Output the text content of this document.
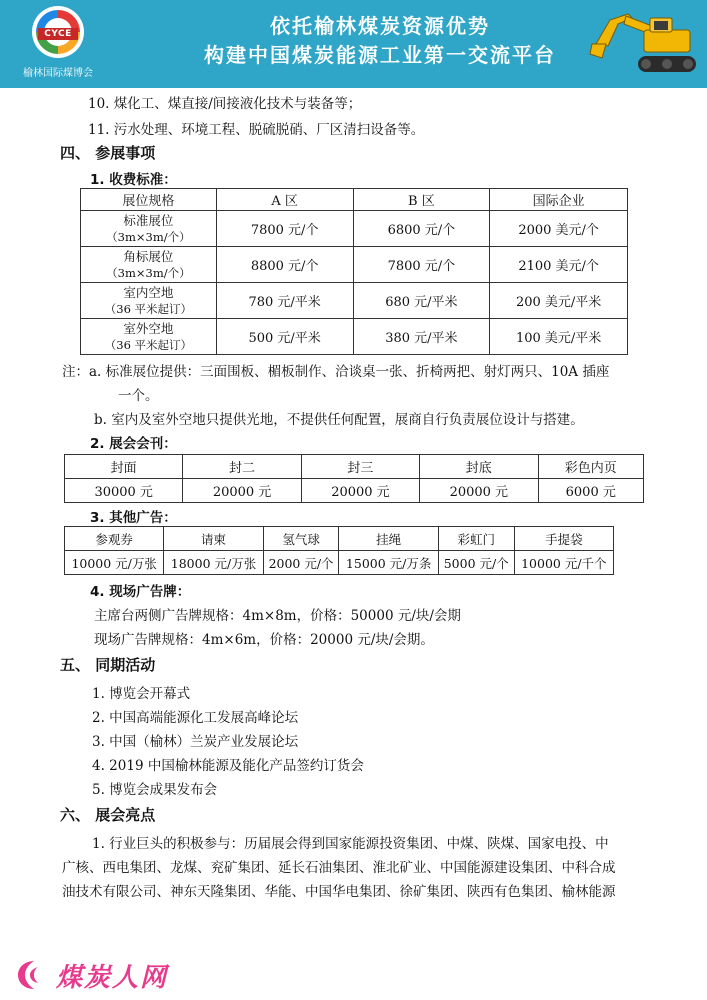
CYCE
榆林国际煤博会
依托榆林煤炭资源优势
构建中国煤炭能源工业第一交流平台
10. 煤化工、煤直接/间接液化技术与装备等；
11. 污水处理、环境工程、脱硫脱硝、厂区清扫设备等。
四、 参展事项
1. 收费标准：
展位规格	A 区	B 区	国际企业

标准展位
（3m×3m/个）	7800 元/个	6800 元/个	2000 美元/个

角标展位
（3m×3m/个）	8800 元/个	7800 元/个	2100 美元/个

室内空地
（36 平米起订）	780 元/平米	680 元/平米	200 美元/平米

室外空地
（36 平米起订）	500 元/平米	380 元/平米	100 美元/平米
注：a. 标准展位提供：三面围板、楣板制作、洽谈桌一张、折椅两把、射灯两只、10A 插座
一个。
b. 室内及室外空地只提供光地，不提供任何配置，展商自行负责展位设计与搭建。
2. 展会会刊：
封面	封二	封三	封底	彩色内页
30000 元	20000 元	20000 元	20000 元	6000 元
3. 其他广告：
参观券	请柬	氢气球	挂绳	彩虹门	手提袋
10000 元/万张	18000 元/万张	2000 元/个	15000 元/万条	5000 元/个	10000 元/千个
4. 现场广告牌：
主席台两侧广告牌规格：4m×8m，价格：50000 元/块/会期
现场广告牌规格：4m×6m，价格：20000 元/块/会期。
五、 同期活动
1. 博览会开幕式
2. 中国高端能源化工发展高峰论坛
3. 中国（榆林）兰炭产业发展论坛
4. 2019 中国榆林能源及能化产品签约订货会
5. 博览会成果发布会
六、 展会亮点
1. 行业巨头的积极参与：历届展会得到国家能源投资集团、中煤、陕煤、国家电投、中
广核、西电集团、龙煤、兖矿集团、延长石油集团、淮北矿业、中国能源建设集团、中科合成
油技术有限公司、神东天隆集团、华能、中国华电集团、徐矿集团、陕西有色集团、榆林能源
煤炭人网
